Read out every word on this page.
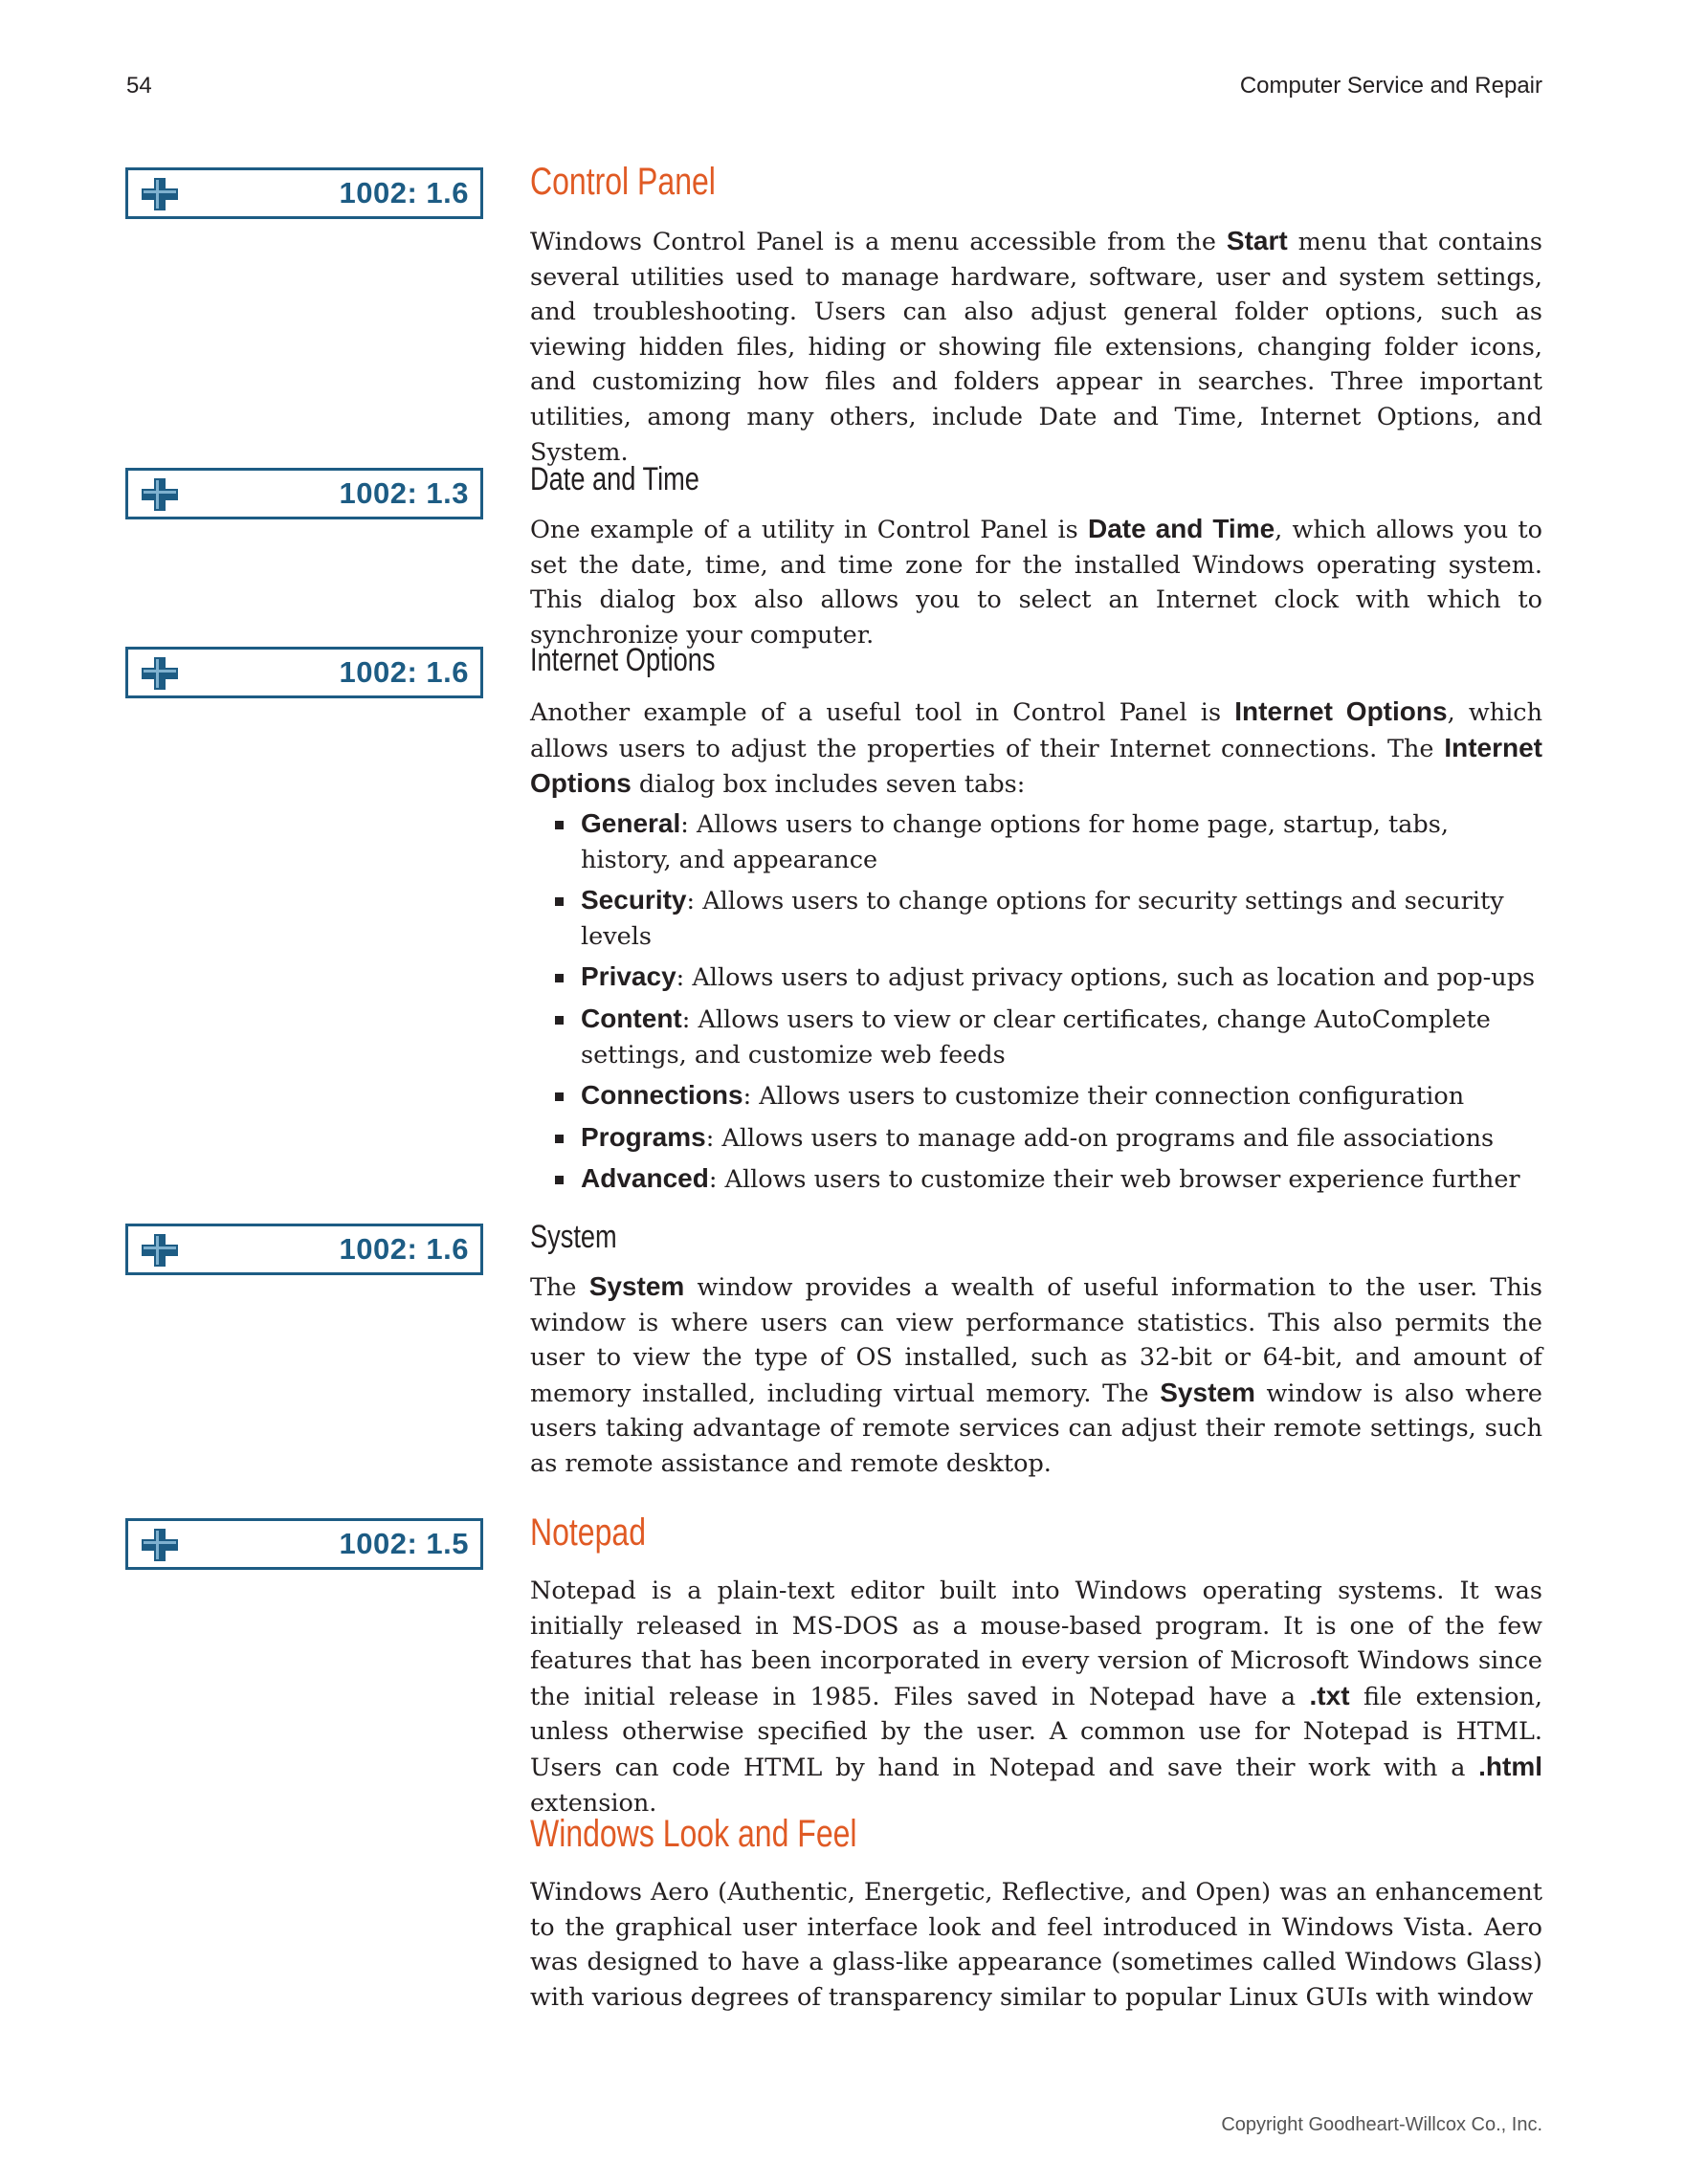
54	Computer Service and Repair
1002: 1.6
1002: 1.3
1002: 1.6
1002: 1.6
1002: 1.5
Control Panel

Windows Control Panel is a menu accessible from the Start menu that contains several utilities used to manage hardware, software, user and system settings, and troubleshooting. Users can also adjust general folder options, such as viewing hidden files, hiding or showing file extensions, changing folder icons, and customizing how files and folders appear in searches. Three important utilities, among many others, include Date and Time, Internet Options, and System.

Date and Time

One example of a utility in Control Panel is Date and Time, which allows you to set the date, time, and time zone for the installed Windows operating system. This dialog box also allows you to select an Internet clock with which to synchronize your computer.

Internet Options

Another example of a useful tool in Control Panel is Internet Options, which allows users to adjust the properties of their Internet connections. The Internet Options dialog box includes seven tabs:

General: Allows users to change options for home page, startup, tabs, history, and appearance
Security: Allows users to change options for security settings and security levels
Privacy: Allows users to adjust privacy options, such as location and pop-ups
Content: Allows users to view or clear certificates, change AutoComplete settings, and customize web feeds
Connections: Allows users to customize their connection configuration
Programs: Allows users to manage add-on programs and file associations
Advanced: Allows users to customize their web browser experience further
System

The System window provides a wealth of useful information to the user. This window is where users can view performance statistics. This also permits the user to view the type of OS installed, such as 32-bit or 64-bit, and amount of memory installed, including virtual memory. The System window is also where users taking advantage of remote services can adjust their remote settings, such as remote assistance and remote desktop.

Notepad

Notepad is a plain-text editor built into Windows operating systems. It was initially released in MS-DOS as a mouse-based program. It is one of the few features that has been incorporated in every version of Microsoft Windows since the initial release in 1985. Files saved in Notepad have a .txt file extension, unless otherwise specified by the user. A common use for Notepad is HTML. Users can code HTML by hand in Notepad and save their work with a .html extension.

Windows Look and Feel

Windows Aero (Authentic, Energetic, Reflective, and Open) was an enhancement to the graphical user interface look and feel introduced in Windows Vista. Aero was designed to have a glass-like appearance (sometimes called Windows Glass) with various degrees of transparency similar to popular Linux GUIs with window

Copyright Goodheart-Willcox Co., Inc.
